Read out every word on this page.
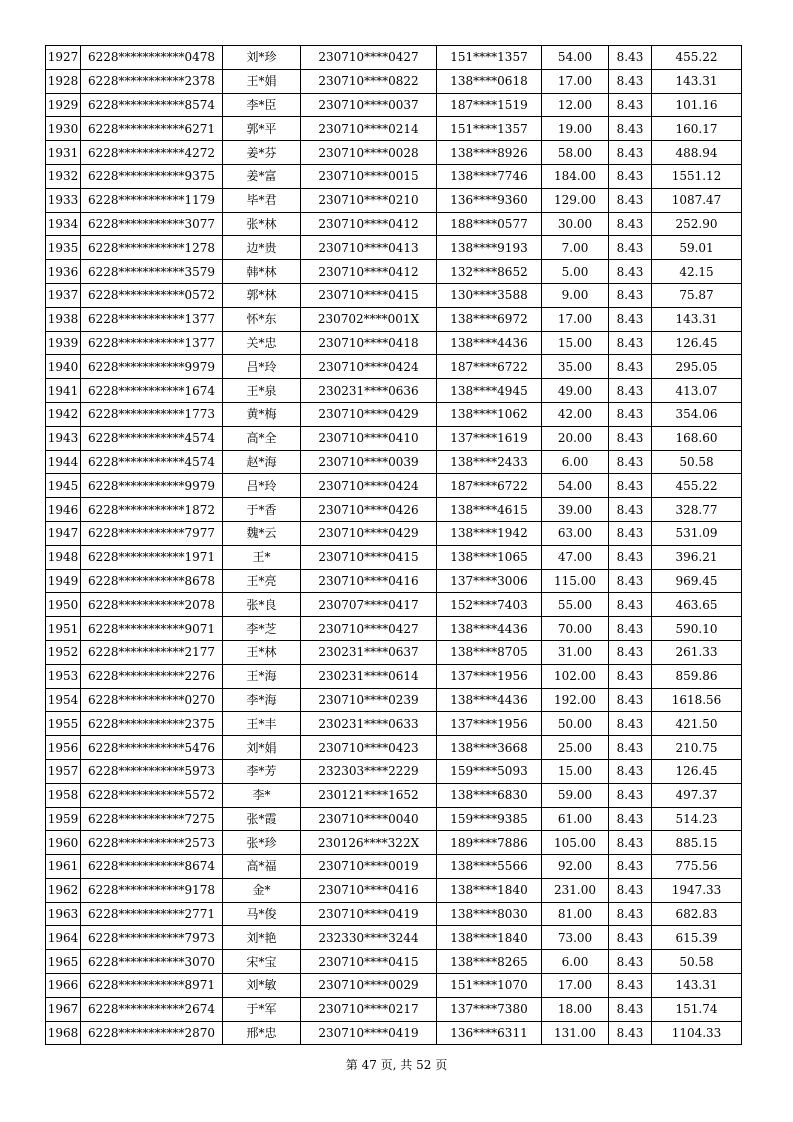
1927	6228***********0478	刘*珍	230710****0427	151****1357	54.00	8.43	455.22
1928	6228***********2378	王*娟	230710****0822	138****0618	17.00	8.43	143.31
1929	6228***********8574	李*臣	230710****0037	187****1519	12.00	8.43	101.16
1930	6228***********6271	郭*平	230710****0214	151****1357	19.00	8.43	160.17
1931	6228***********4272	姜*芬	230710****0028	138****8926	58.00	8.43	488.94
1932	6228***********9375	姜*富	230710****0015	138****7746	184.00	8.43	1551.12
1933	6228***********1179	毕*君	230710****0210	136****9360	129.00	8.43	1087.47
1934	6228***********3077	张*林	230710****0412	188****0577	30.00	8.43	252.90
1935	6228***********1278	边*贵	230710****0413	138****9193	7.00	8.43	59.01
1936	6228***********3579	韩*林	230710****0412	132****8652	5.00	8.43	42.15
1937	6228***********0572	郭*林	230710****0415	130****3588	9.00	8.43	75.87
1938	6228***********1377	怀*东	230702****001X	138****6972	17.00	8.43	143.31
1939	6228***********1377	关*忠	230710****0418	138****4436	15.00	8.43	126.45
1940	6228***********9979	吕*玲	230710****0424	187****6722	35.00	8.43	295.05
1941	6228***********1674	王*泉	230231****0636	138****4945	49.00	8.43	413.07
1942	6228***********1773	黄*梅	230710****0429	138****1062	42.00	8.43	354.06
1943	6228***********4574	高*全	230710****0410	137****1619	20.00	8.43	168.60
1944	6228***********4574	赵*海	230710****0039	138****2433	6.00	8.43	50.58
1945	6228***********9979	吕*玲	230710****0424	187****6722	54.00	8.43	455.22
1946	6228***********1872	于*香	230710****0426	138****4615	39.00	8.43	328.77
1947	6228***********7977	魏*云	230710****0429	138****1942	63.00	8.43	531.09
1948	6228***********1971	王*	230710****0415	138****1065	47.00	8.43	396.21
1949	6228***********8678	王*亮	230710****0416	137****3006	115.00	8.43	969.45
1950	6228***********2078	张*良	230707****0417	152****7403	55.00	8.43	463.65
1951	6228***********9071	李*芝	230710****0427	138****4436	70.00	8.43	590.10
1952	6228***********2177	王*林	230231****0637	138****8705	31.00	8.43	261.33
1953	6228***********2276	王*海	230231****0614	137****1956	102.00	8.43	859.86
1954	6228***********0270	李*海	230710****0239	138****4436	192.00	8.43	1618.56
1955	6228***********2375	王*丰	230231****0633	137****1956	50.00	8.43	421.50
1956	6228***********5476	刘*娟	230710****0423	138****3668	25.00	8.43	210.75
1957	6228***********5973	李*芳	232303****2229	159****5093	15.00	8.43	126.45
1958	6228***********5572	李*	230121****1652	138****6830	59.00	8.43	497.37
1959	6228***********7275	张*霞	230710****0040	159****9385	61.00	8.43	514.23
1960	6228***********2573	张*珍	230126****322X	189****7886	105.00	8.43	885.15
1961	6228***********8674	高*福	230710****0019	138****5566	92.00	8.43	775.56
1962	6228***********9178	金*	230710****0416	138****1840	231.00	8.43	1947.33
1963	6228***********2771	马*俊	230710****0419	138****8030	81.00	8.43	682.83
1964	6228***********7973	刘*艳	232330****3244	138****1840	73.00	8.43	615.39
1965	6228***********3070	宋*宝	230710****0415	138****8265	6.00	8.43	50.58
1966	6228***********8971	刘*敏	230710****0029	151****1070	17.00	8.43	143.31
1967	6228***********2674	于*军	230710****0217	137****7380	18.00	8.43	151.74
1968	6228***********2870	邢*忠	230710****0419	136****6311	131.00	8.43	1104.33
第 47 页, 共 52 页
